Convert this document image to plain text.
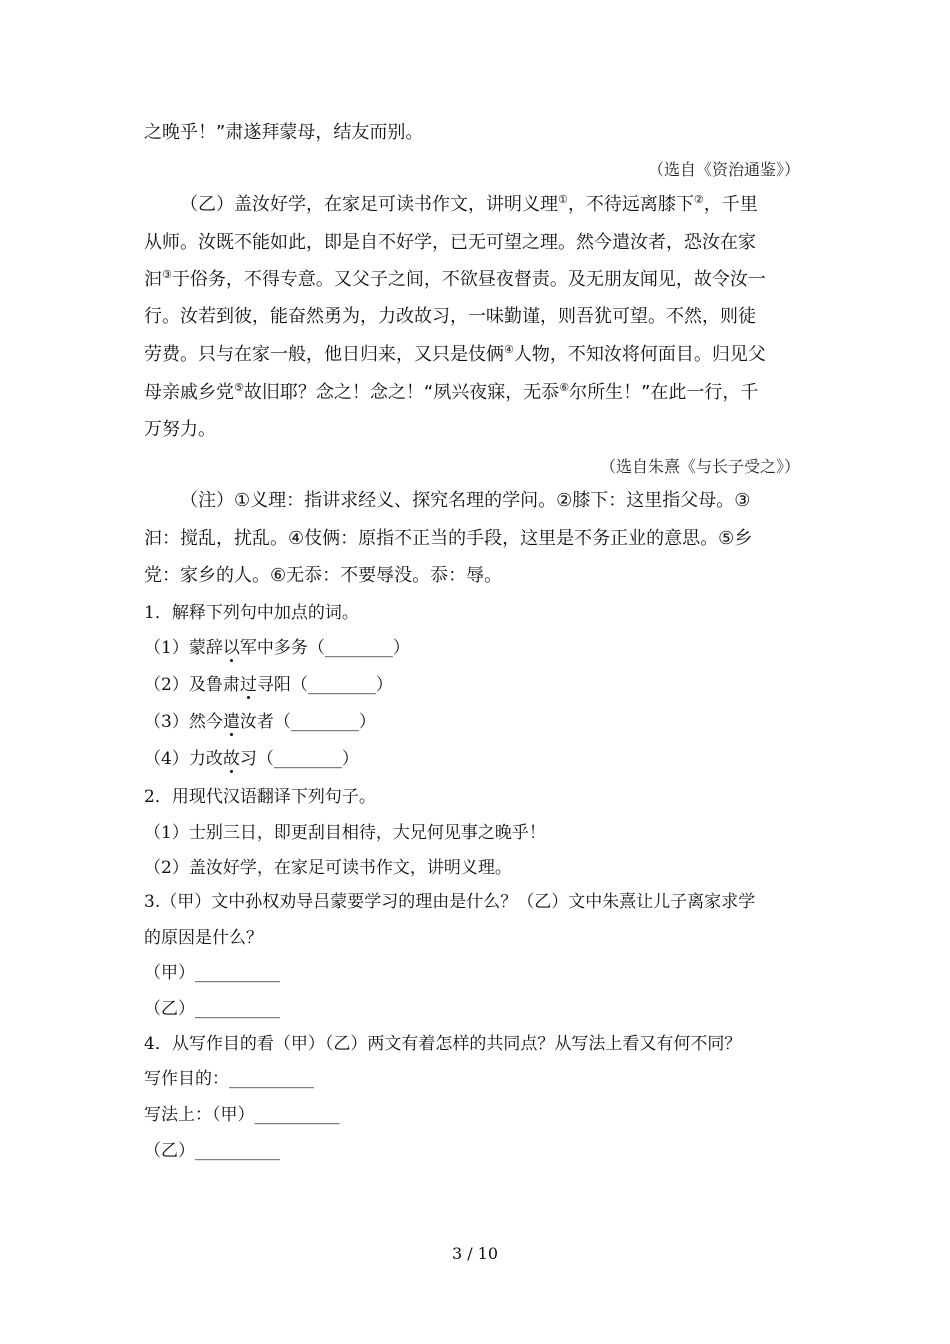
之晚乎！”肃遂拜蒙母，结友而别。
（选自《资治通鉴》）
（乙）盖汝好学，在家足可读书作文，讲明义理①，不待远离膝下②，千里
从师。汝既不能如此，即是自不好学，已无可望之理。然今遣汝者，恐汝在家
汩③于俗务，不得专意。又父子之间，不欲昼夜督责。及无朋友闻见，故令汝一
行。汝若到彼，能奋然勇为，力改故习，一味勤谨，则吾犹可望。不然，则徒
劳费。只与在家一般，他日归来，又只是伎俩④人物，不知汝将何面目。归见父
母亲戚乡党⑤故旧耶？念之！念之！“夙兴夜寐，无忝⑥尔所生！”在此一行，千
万努力。
（选自朱熹《与长子受之》）
（注）①义理：指讲求经义、探究名理的学问。②膝下：这里指父母。③
汩：搅乱，扰乱。④伎俩：原指不正当的手段，这里是不务正业的意思。⑤乡
党：家乡的人。⑥无忝：不要辱没。忝：辱。
1．解释下列句中加点的词。
（1）蒙辞以军中多务（________）
（2）及鲁肃过寻阳（________）
（3）然今遣汝者（________）
（4）力改故习（________）
2．用现代汉语翻译下列句子。
（1）士别三日，即更刮目相待，大兄何见事之晚乎！
（2）盖汝好学，在家足可读书作文，讲明义理。
3.（甲）文中孙权劝导吕蒙要学习的理由是什么？（乙）文中朱熹让儿子离家求学
的原因是什么？
（甲）__________
（乙）__________
4．从写作目的看（甲）（乙）两文有着怎样的共同点？从写法上看又有何不同？
写作目的：__________
写法上：（甲）__________
（乙）__________
3 / 10
